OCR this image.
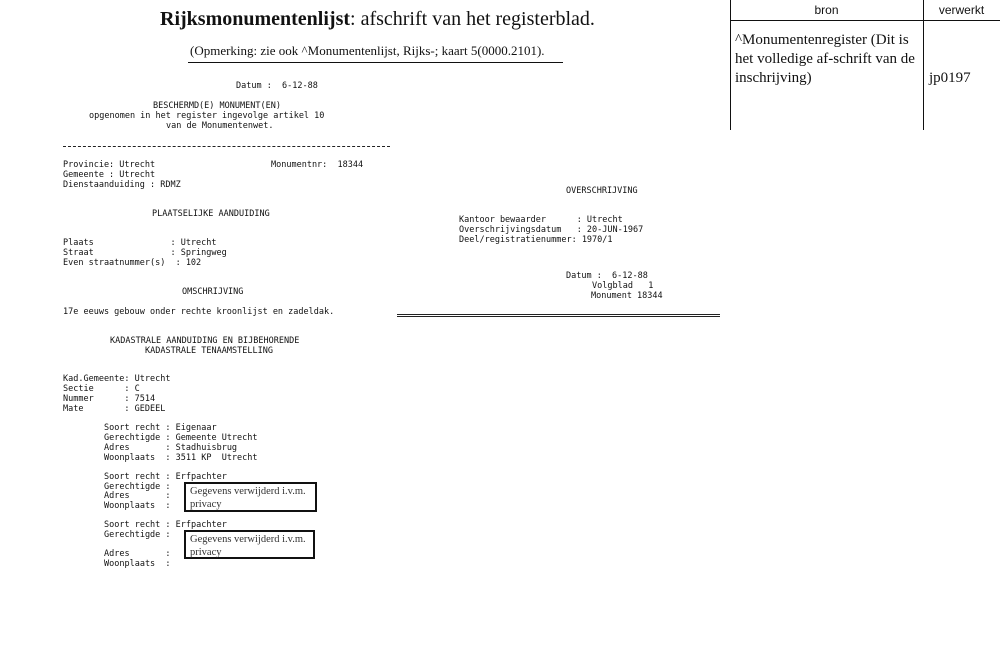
Rijksmonumentenlijst: afschrift van het registerblad.
(Opmerking: zie ook ^Monumentenlijst, Rijks-; kaart 5(0000.2101).
bron	verwerkt
^Monumentenregister (Dit is het volledige af-schrift van de inschrijving)	jp0197
Datum :  6-12-88
BESCHERMD(E) MONUMENT(EN)
opgenomen in het register ingevolge artikel 10
van de Monumentenwet.
Provincie: Utrecht	Monumentnr:  18344
Gemeente : Utrecht
Dienstaanduiding : RDMZ
PLAATSELIJKE AANDUIDING
Plaats               : Utrecht
Straat               : Springweg
Even straatnummer(s)  : 102
OMSCHRIJVING
17e eeuws gebouw onder rechte kroonlijst en zadeldak.
KADASTRALE AANDUIDING EN BIJBEHORENDE
KADASTRALE TENAAMSTELLING
Kad.Gemeente: Utrecht
Sectie      : C
Nummer      : 7514
Mate        : GEDEEL
Soort recht : Eigenaar
Gerechtigde : Gemeente Utrecht
Adres       : Stadhuisbrug
Woonplaats  : 3511 KP  Utrecht
Soort recht : Erfpachter
Gerechtigde :
Adres       :
Woonplaats  :
Gegevens verwijderd i.v.m. privacy
Soort recht : Erfpachter
Gerechtigde :
Adres       :
Woonplaats  :
Gegevens verwijderd i.v.m. privacy
OVERSCHRIJVING
Kantoor bewaarder      : Utrecht
Overschrijvingsdatum   : 20-JUN-1967
Deel/registratienummer: 1970/1
Datum :  6-12-88
Volgblad   1
Monument 18344
